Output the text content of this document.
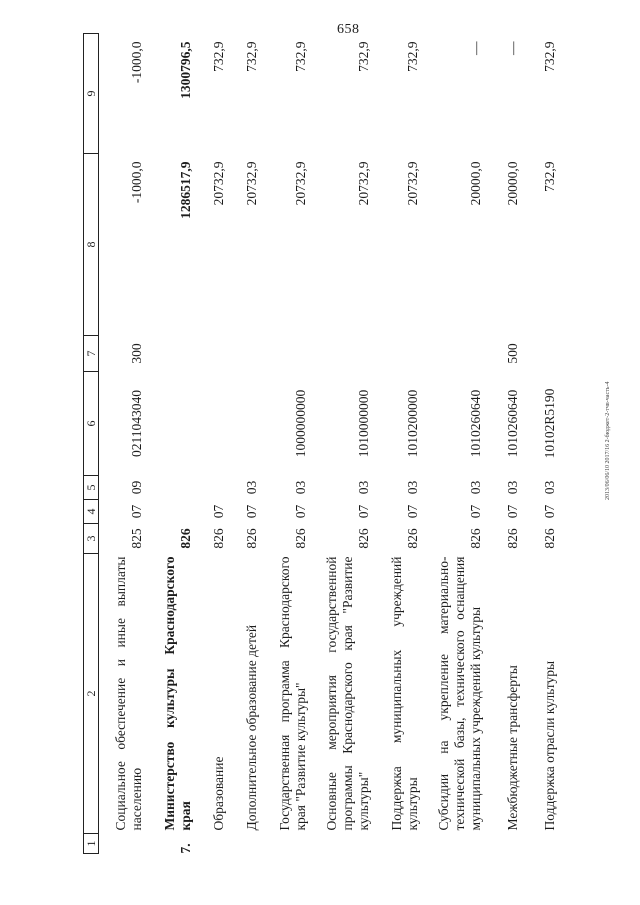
658
2013/06/06/10 2017/16 2-бюджет-2-тчв-часть-4
1	2	3	4	5	6	7	8	9
	Социальное обеспечение и иные выплаты населению	825	07	09	0211043040	300	-1000,0	-1000,0
7.	Министерство культуры Краснодарского края	826					1286517,9	1300796,5
	Образование	826	07				20732,9	732,9
	Дополнительное образование детей	826	07	03			20732,9	732,9
	Государственная программа Краснодарского края "Развитие культуры"	826	07	03	1000000000		20732,9	732,9
	Основные мероприятия государственной программы Краснодарского края "Развитие культуры"	826	07	03	1010000000		20732,9	732,9
	Поддержка муниципальных учреждений культуры	826	07	03	1010200000		20732,9	732,9
	Субсидии на укрепление материально-технической базы, технического оснащения муниципальных учреждений культуры	826	07	03	1010260640		20000,0	—
	Межбюджетные трансферты	826	07	03	1010260640	500	20000,0	—
	Поддержка отрасли культуры	826	07	03	10102R5190		732,9	732,9
